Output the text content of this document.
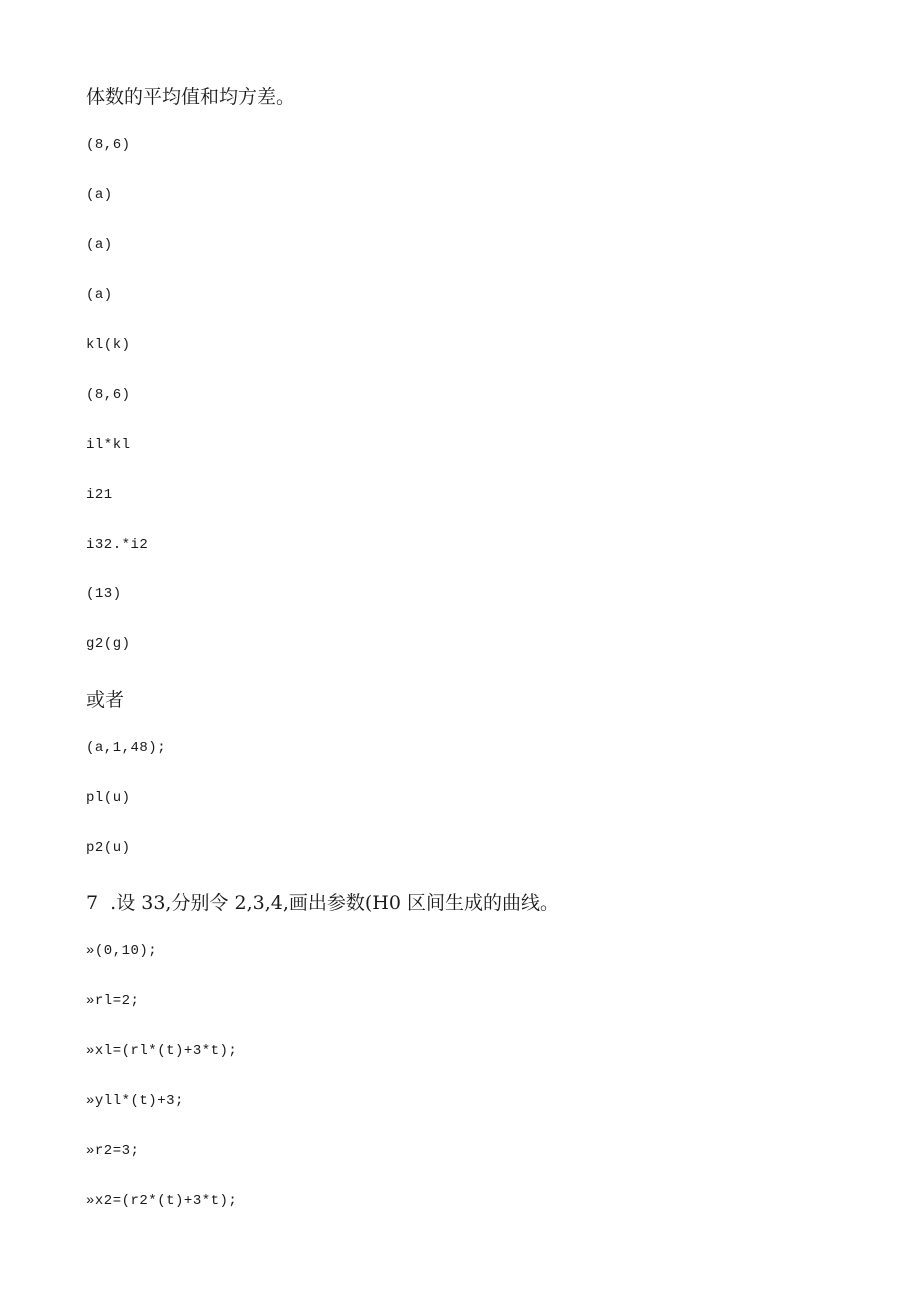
体数的平均值和均方差。
(8,6)
(a)
(a)
(a)
kl(k)
(8,6)
il*kl
i21
i32.*i2
(13)
g2(g)
或者
(a,1,48);
pl(u)
p2(u)
7  .设 33,分别令 2,3,4,画出参数(H0 区间生成的曲线。
»(0,10);
»rl=2;
»xl=(rl*(t)+3*t);
»yll*(t)+3;
»r2=3;
»x2=(r2*(t)+3*t);
